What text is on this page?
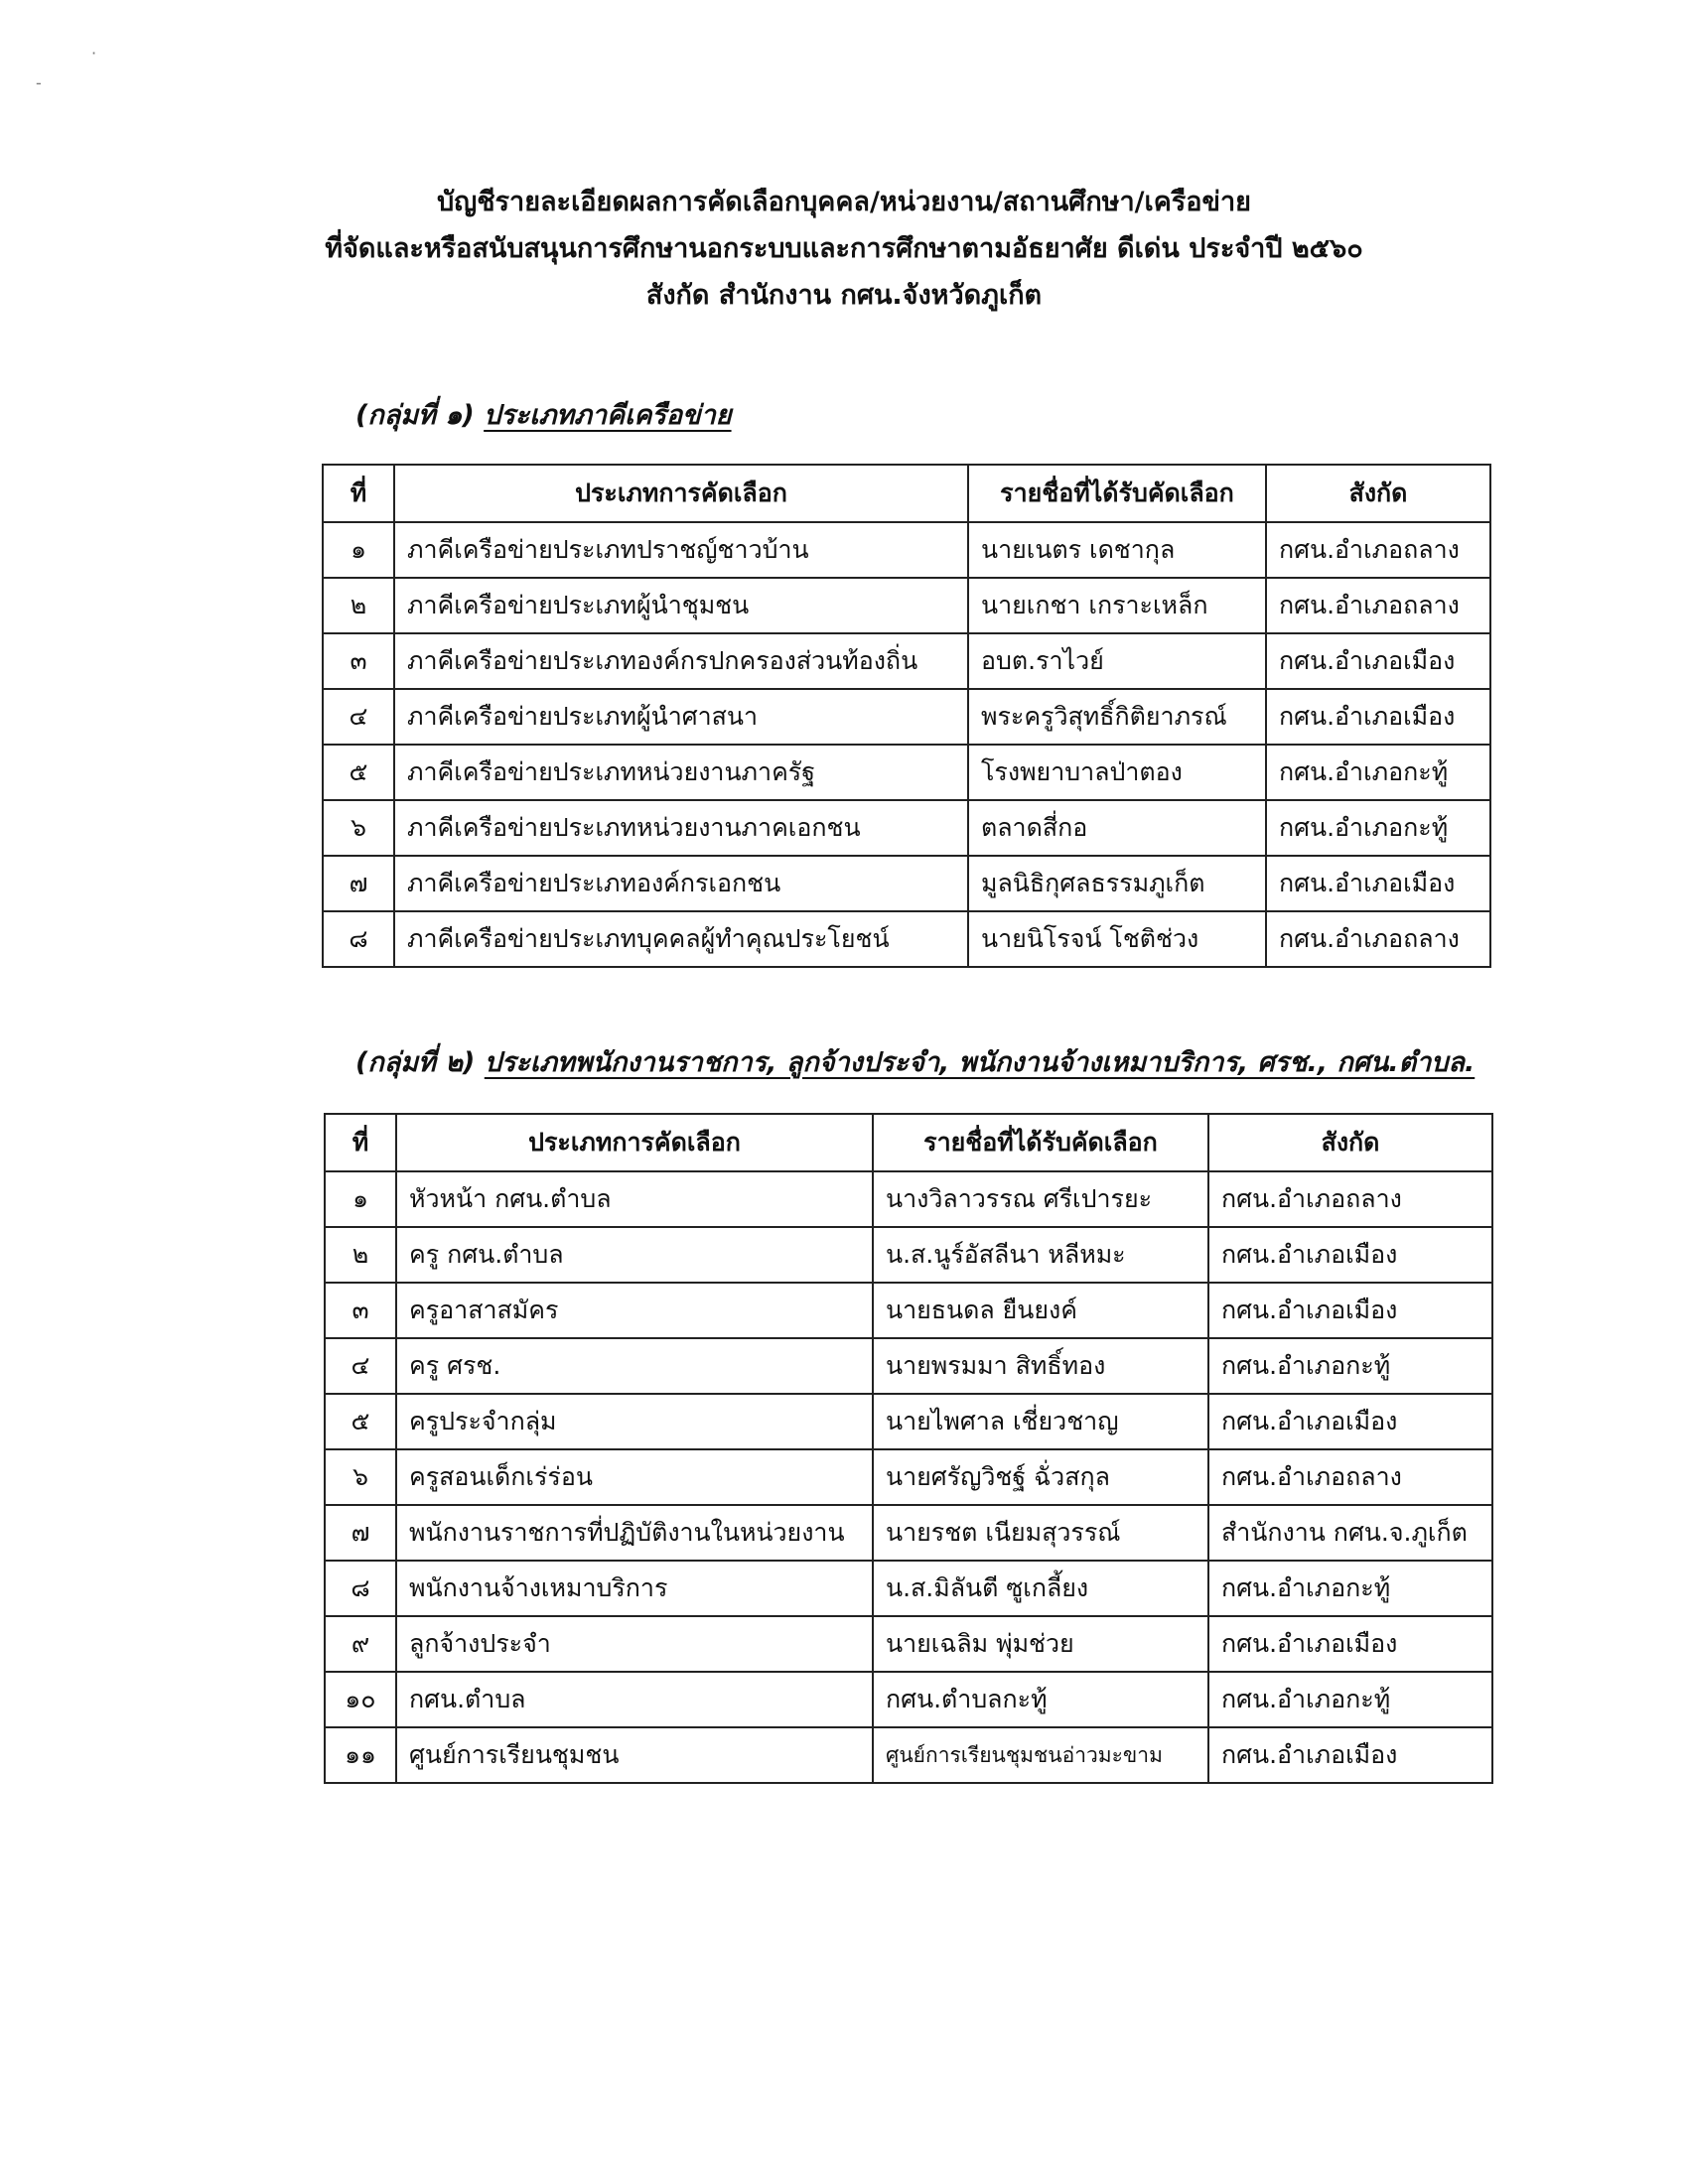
·
‐
บัญชีรายละเอียดผลการคัดเลือกบุคคล/หน่วยงาน/สถานศึกษา/เครือข่าย
ที่จัดและหรือสนับสนุนการศึกษานอกระบบและการศึกษาตามอัธยาศัย ดีเด่น ประจำปี ๒๕๖๐
สังกัด สำนักงาน กศน.จังหวัดภูเก็ต
(กลุ่มที่ ๑) ประเภทภาคีเครือข่าย
ที่	ประเภทการคัดเลือก	รายชื่อที่ได้รับคัดเลือก	สังกัด
๑	ภาคีเครือข่ายประเภทปราชญ์ชาวบ้าน	นายเนตร เดชากุล	กศน.อำเภอถลาง
๒	ภาคีเครือข่ายประเภทผู้นำชุมชน	นายเกชา เกราะเหล็ก	กศน.อำเภอถลาง
๓	ภาคีเครือข่ายประเภทองค์กรปกครองส่วนท้องถิ่น	อบต.ราไวย์	กศน.อำเภอเมือง
๔	ภาคีเครือข่ายประเภทผู้นำศาสนา	พระครูวิสุทธิ์กิติยาภรณ์	กศน.อำเภอเมือง
๕	ภาคีเครือข่ายประเภทหน่วยงานภาครัฐ	โรงพยาบาลป่าตอง	กศน.อำเภอกะทู้
๖	ภาคีเครือข่ายประเภทหน่วยงานภาคเอกชน	ตลาดสี่กอ	กศน.อำเภอกะทู้
๗	ภาคีเครือข่ายประเภทองค์กรเอกชน	มูลนิธิกุศลธรรมภูเก็ต	กศน.อำเภอเมือง
๘	ภาคีเครือข่ายประเภทบุคคลผู้ทำคุณประโยชน์	นายนิโรจน์ โชติช่วง	กศน.อำเภอถลาง
(กลุ่มที่ ๒) ประเภทพนักงานราชการ, ลูกจ้างประจำ, พนักงานจ้างเหมาบริการ, ศรช., กศน.ตำบล.
ที่	ประเภทการคัดเลือก	รายชื่อที่ได้รับคัดเลือก	สังกัด
๑	หัวหน้า กศน.ตำบล	นางวิลาวรรณ ศรีเปารยะ	กศน.อำเภอถลาง
๒	ครู กศน.ตำบล	น.ส.นูร์อัสลีนา หลีหมะ	กศน.อำเภอเมือง
๓	ครูอาสาสมัคร	นายธนดล ยืนยงค์	กศน.อำเภอเมือง
๔	ครู ศรช.	นายพรมมา สิทธิ์ทอง	กศน.อำเภอกะทู้
๕	ครูประจำกลุ่ม	นายไพศาล เชี่ยวชาญ	กศน.อำเภอเมือง
๖	ครูสอนเด็กเร่ร่อน	นายศรัญวิชฐ์ ฉั่วสกุล	กศน.อำเภอถลาง
๗	พนักงานราชการที่ปฏิบัติงานในหน่วยงาน	นายรชต เนียมสุวรรณ์	สำนักงาน กศน.จ.ภูเก็ต
๘	พนักงานจ้างเหมาบริการ	น.ส.มิลันตี ซูเกลี้ยง	กศน.อำเภอกะทู้
๙	ลูกจ้างประจำ	นายเฉลิม พุ่มช่วย	กศน.อำเภอเมือง
๑๐	กศน.ตำบล	กศน.ตำบลกะทู้	กศน.อำเภอกะทู้
๑๑	ศูนย์การเรียนชุมชน	ศูนย์การเรียนชุมชนอ่าวมะขาม	กศน.อำเภอเมือง
